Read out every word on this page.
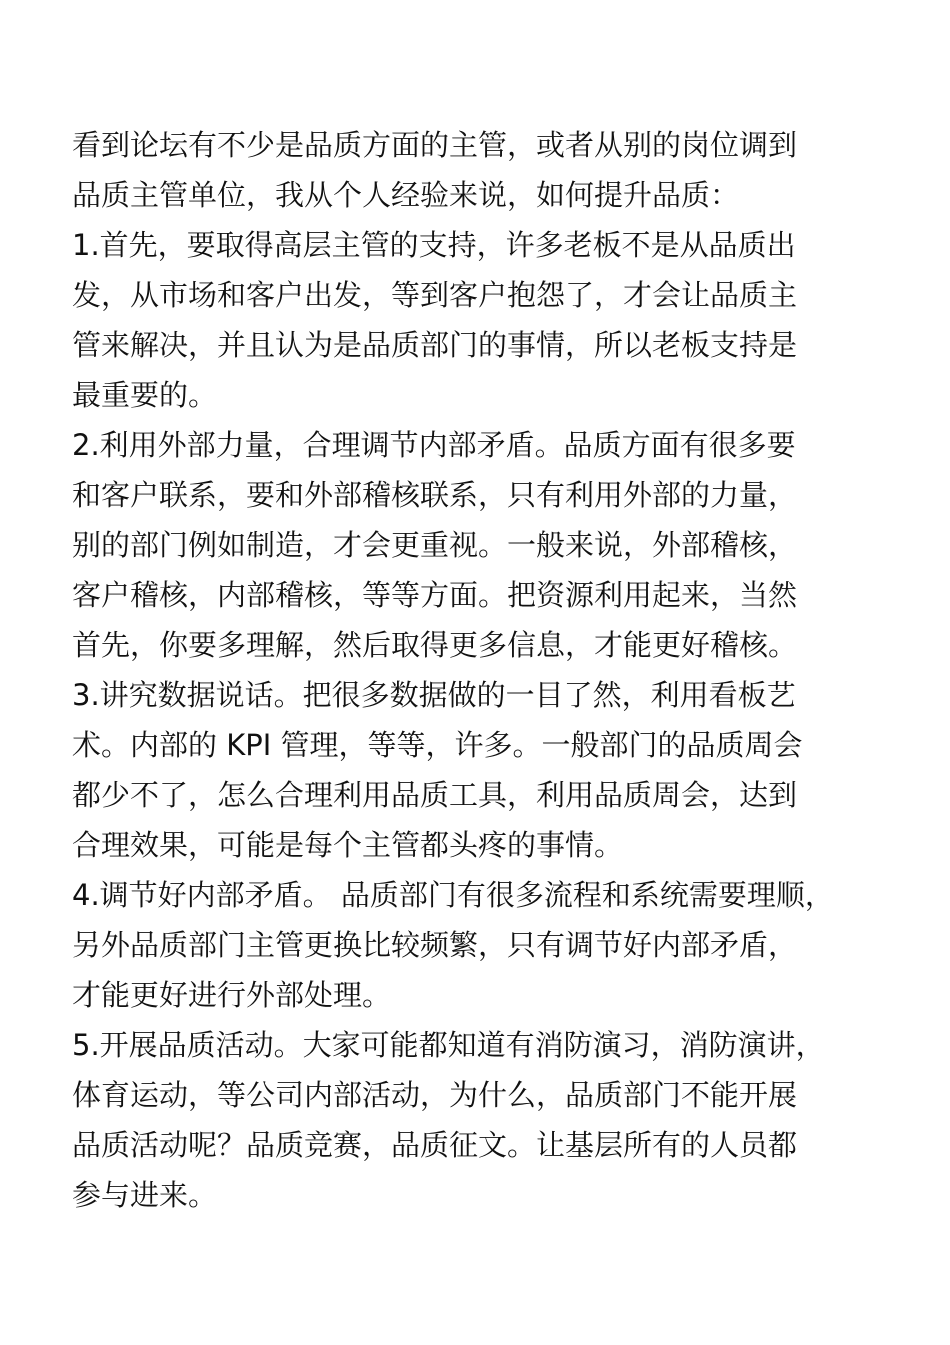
看到论坛有不少是品质方面的主管，或者从别的岗位调到
品质主管单位，我从个人经验来说，如何提升品质：

1.首先，要取得高层主管的支持，许多老板不是从品质出
发，从市场和客户出发，等到客户抱怨了，才会让品质主
管来解决，并且认为是品质部门的事情，所以老板支持是
最重要的。

2.利用外部力量，合理调节内部矛盾。品质方面有很多要
和客户联系，要和外部稽核联系，只有利用外部的力量，
别的部门例如制造，才会更重视。一般来说，外部稽核，
客户稽核，内部稽核，等等方面。把资源利用起来，当然
首先，你要多理解，然后取得更多信息，才能更好稽核。

3.讲究数据说话。把很多数据做的一目了然，利用看板艺
术。内部的 KPI 管理，等等，许多。一般部门的品质周会
都少不了，怎么合理利用品质工具，利用品质周会，达到
合理效果，可能是每个主管都头疼的事情。

4.调节好内部矛盾。 品质部门有很多流程和系统需要理顺，
另外品质部门主管更换比较频繁，只有调节好内部矛盾，
才能更好进行外部处理。

5.开展品质活动。大家可能都知道有消防演习，消防演讲，
体育运动，等公司内部活动，为什么，品质部门不能开展
品质活动呢？品质竞赛，品质征文。让基层所有的人员都
参与进来。
